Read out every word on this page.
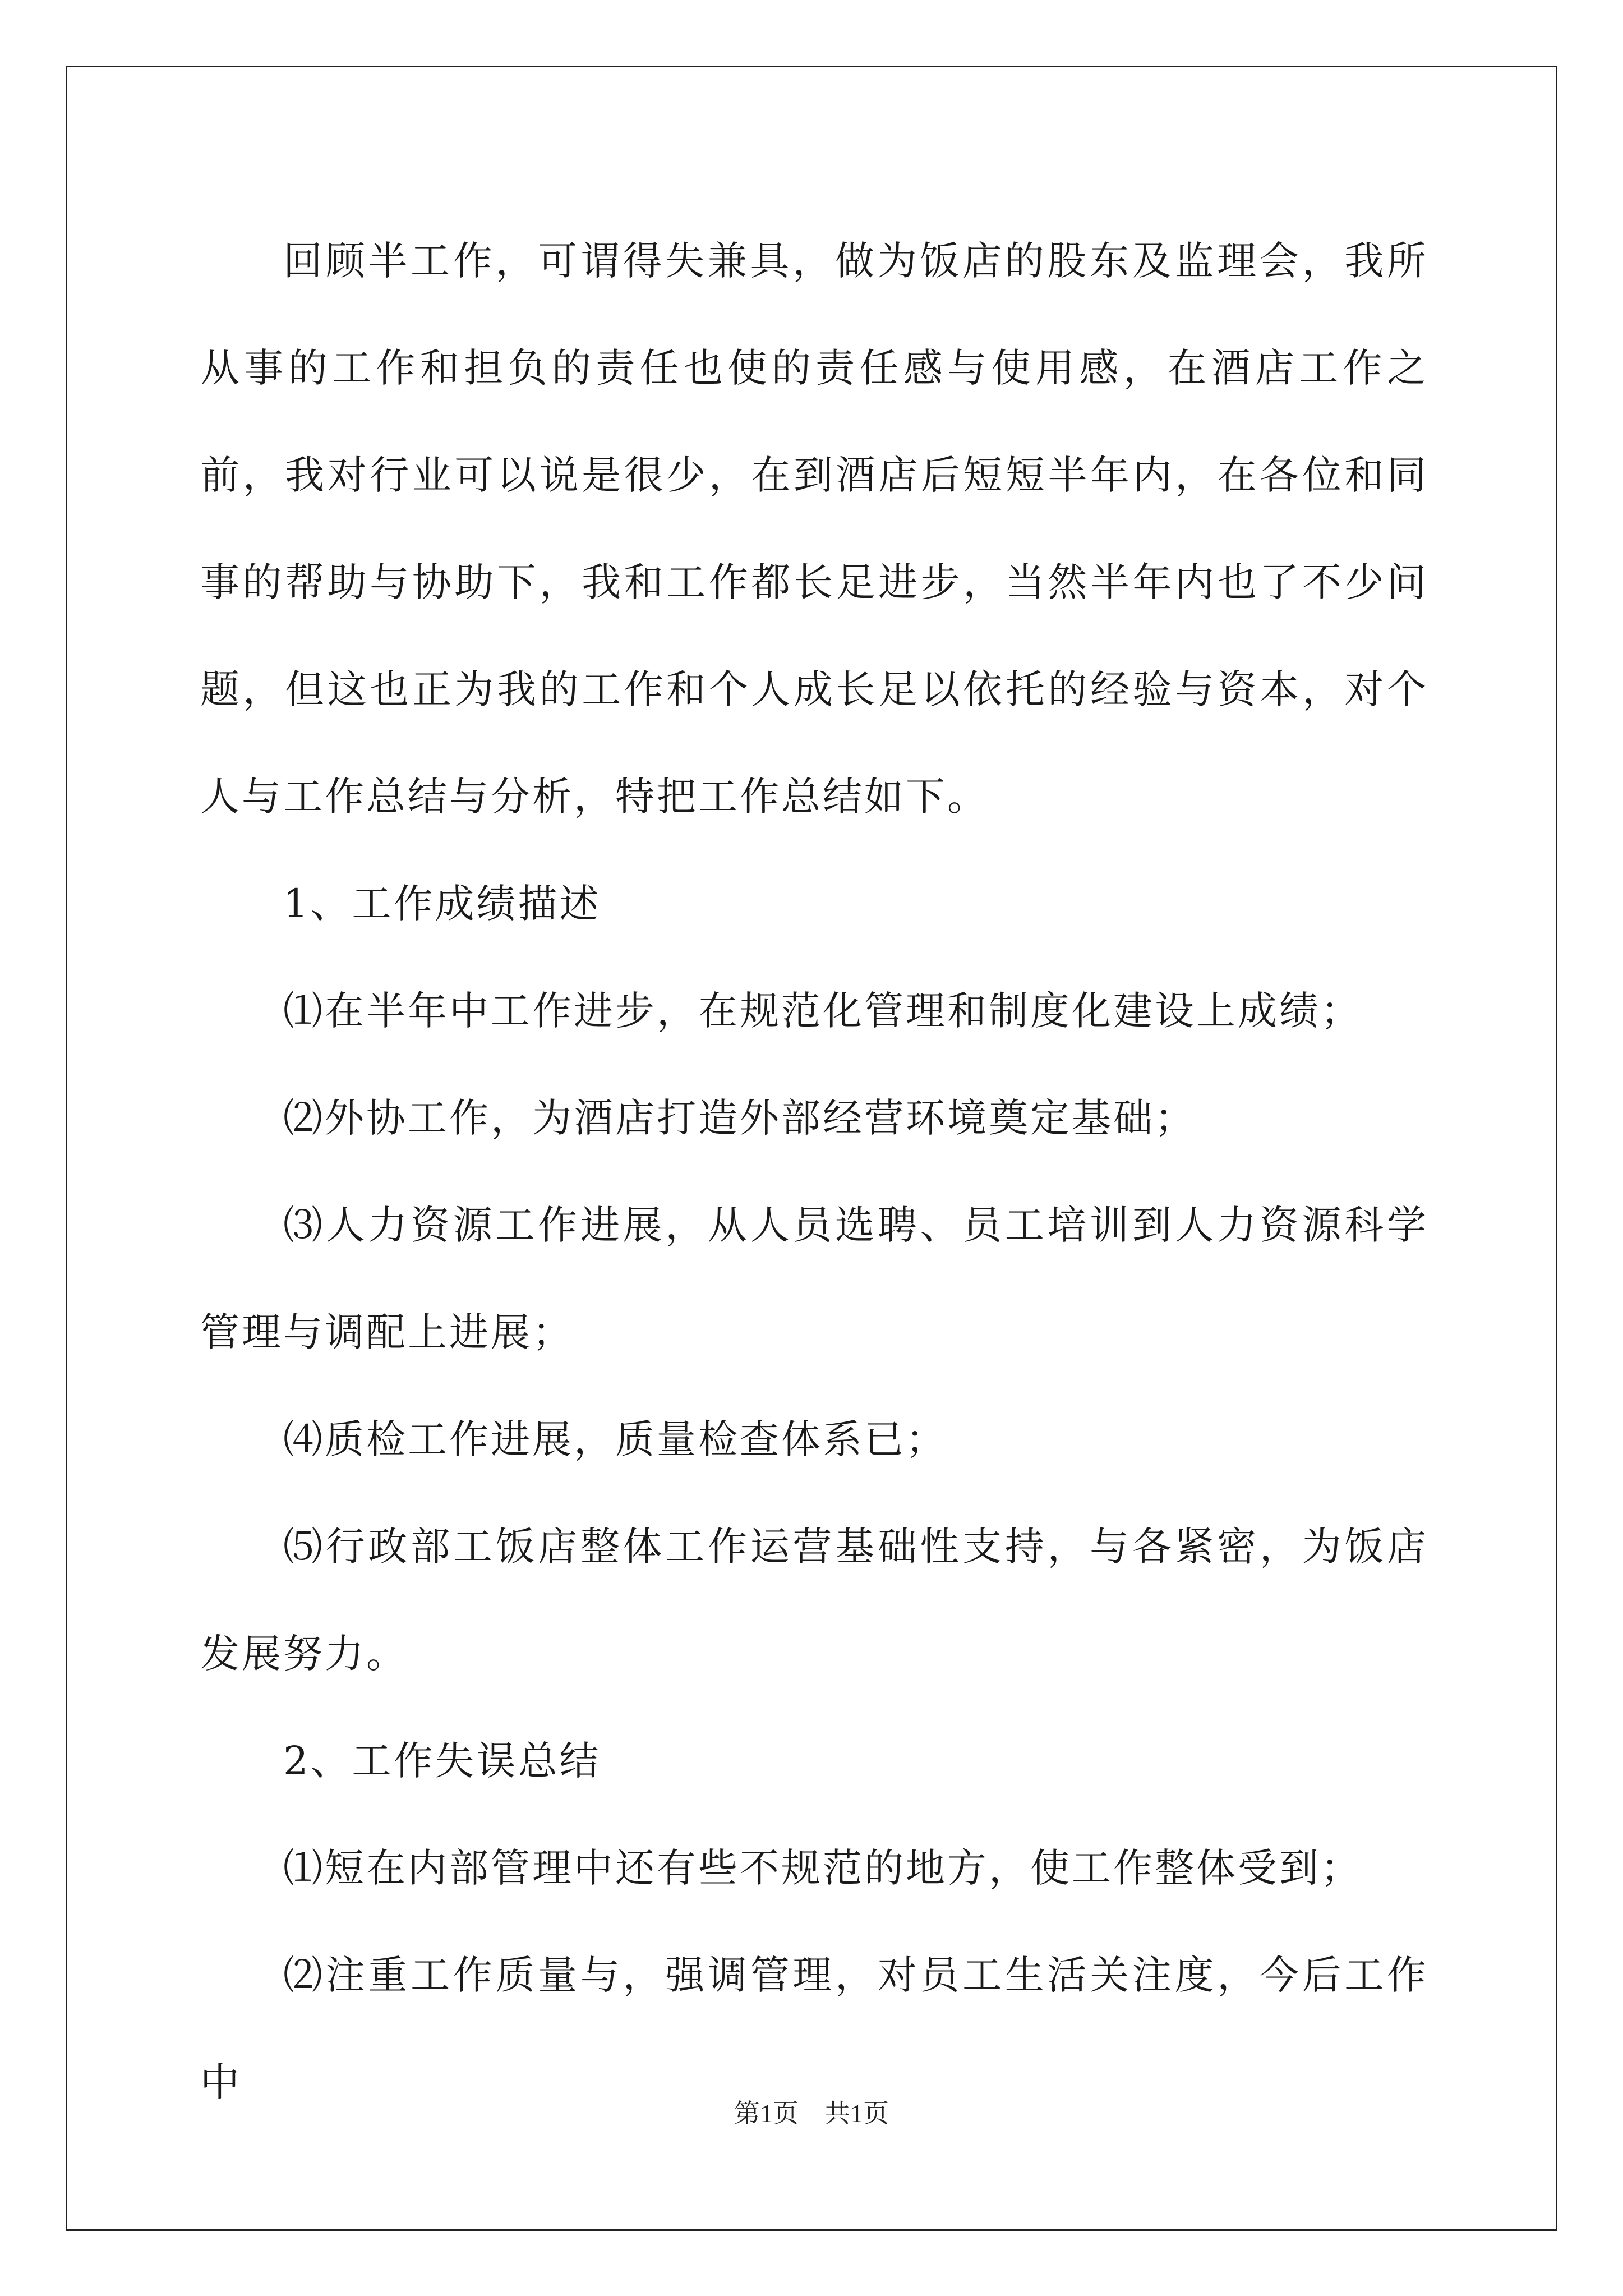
回顾半工作，可谓得失兼具，做为饭店的股东及监理会，我所从事的工作和担负的责任也使的责任感与使用感，在酒店工作之前，我对行业可以说是很少，在到酒店后短短半年内，在各位和同事的帮助与协助下，我和工作都长足进步，当然半年内也了不少问题，但这也正为我的工作和个人成长足以依托的经验与资本，对个人与工作总结与分析，特把工作总结如下。

1、工作成绩描述

⑴在半年中工作进步，在规范化管理和制度化建设上成绩；

⑵外协工作，为酒店打造外部经营环境奠定基础；

⑶人力资源工作进展，从人员选聘、员工培训到人力资源科学管理与调配上进展；

⑷质检工作进展，质量检查体系已；

⑸行政部工饭店整体工作运营基础性支持，与各紧密，为饭店发展努力。

2、工作失误总结

⑴短在内部管理中还有些不规范的地方，使工作整体受到；

⑵注重工作质量与，强调管理，对员工生活关注度，今后工作中

第1页 共1页
